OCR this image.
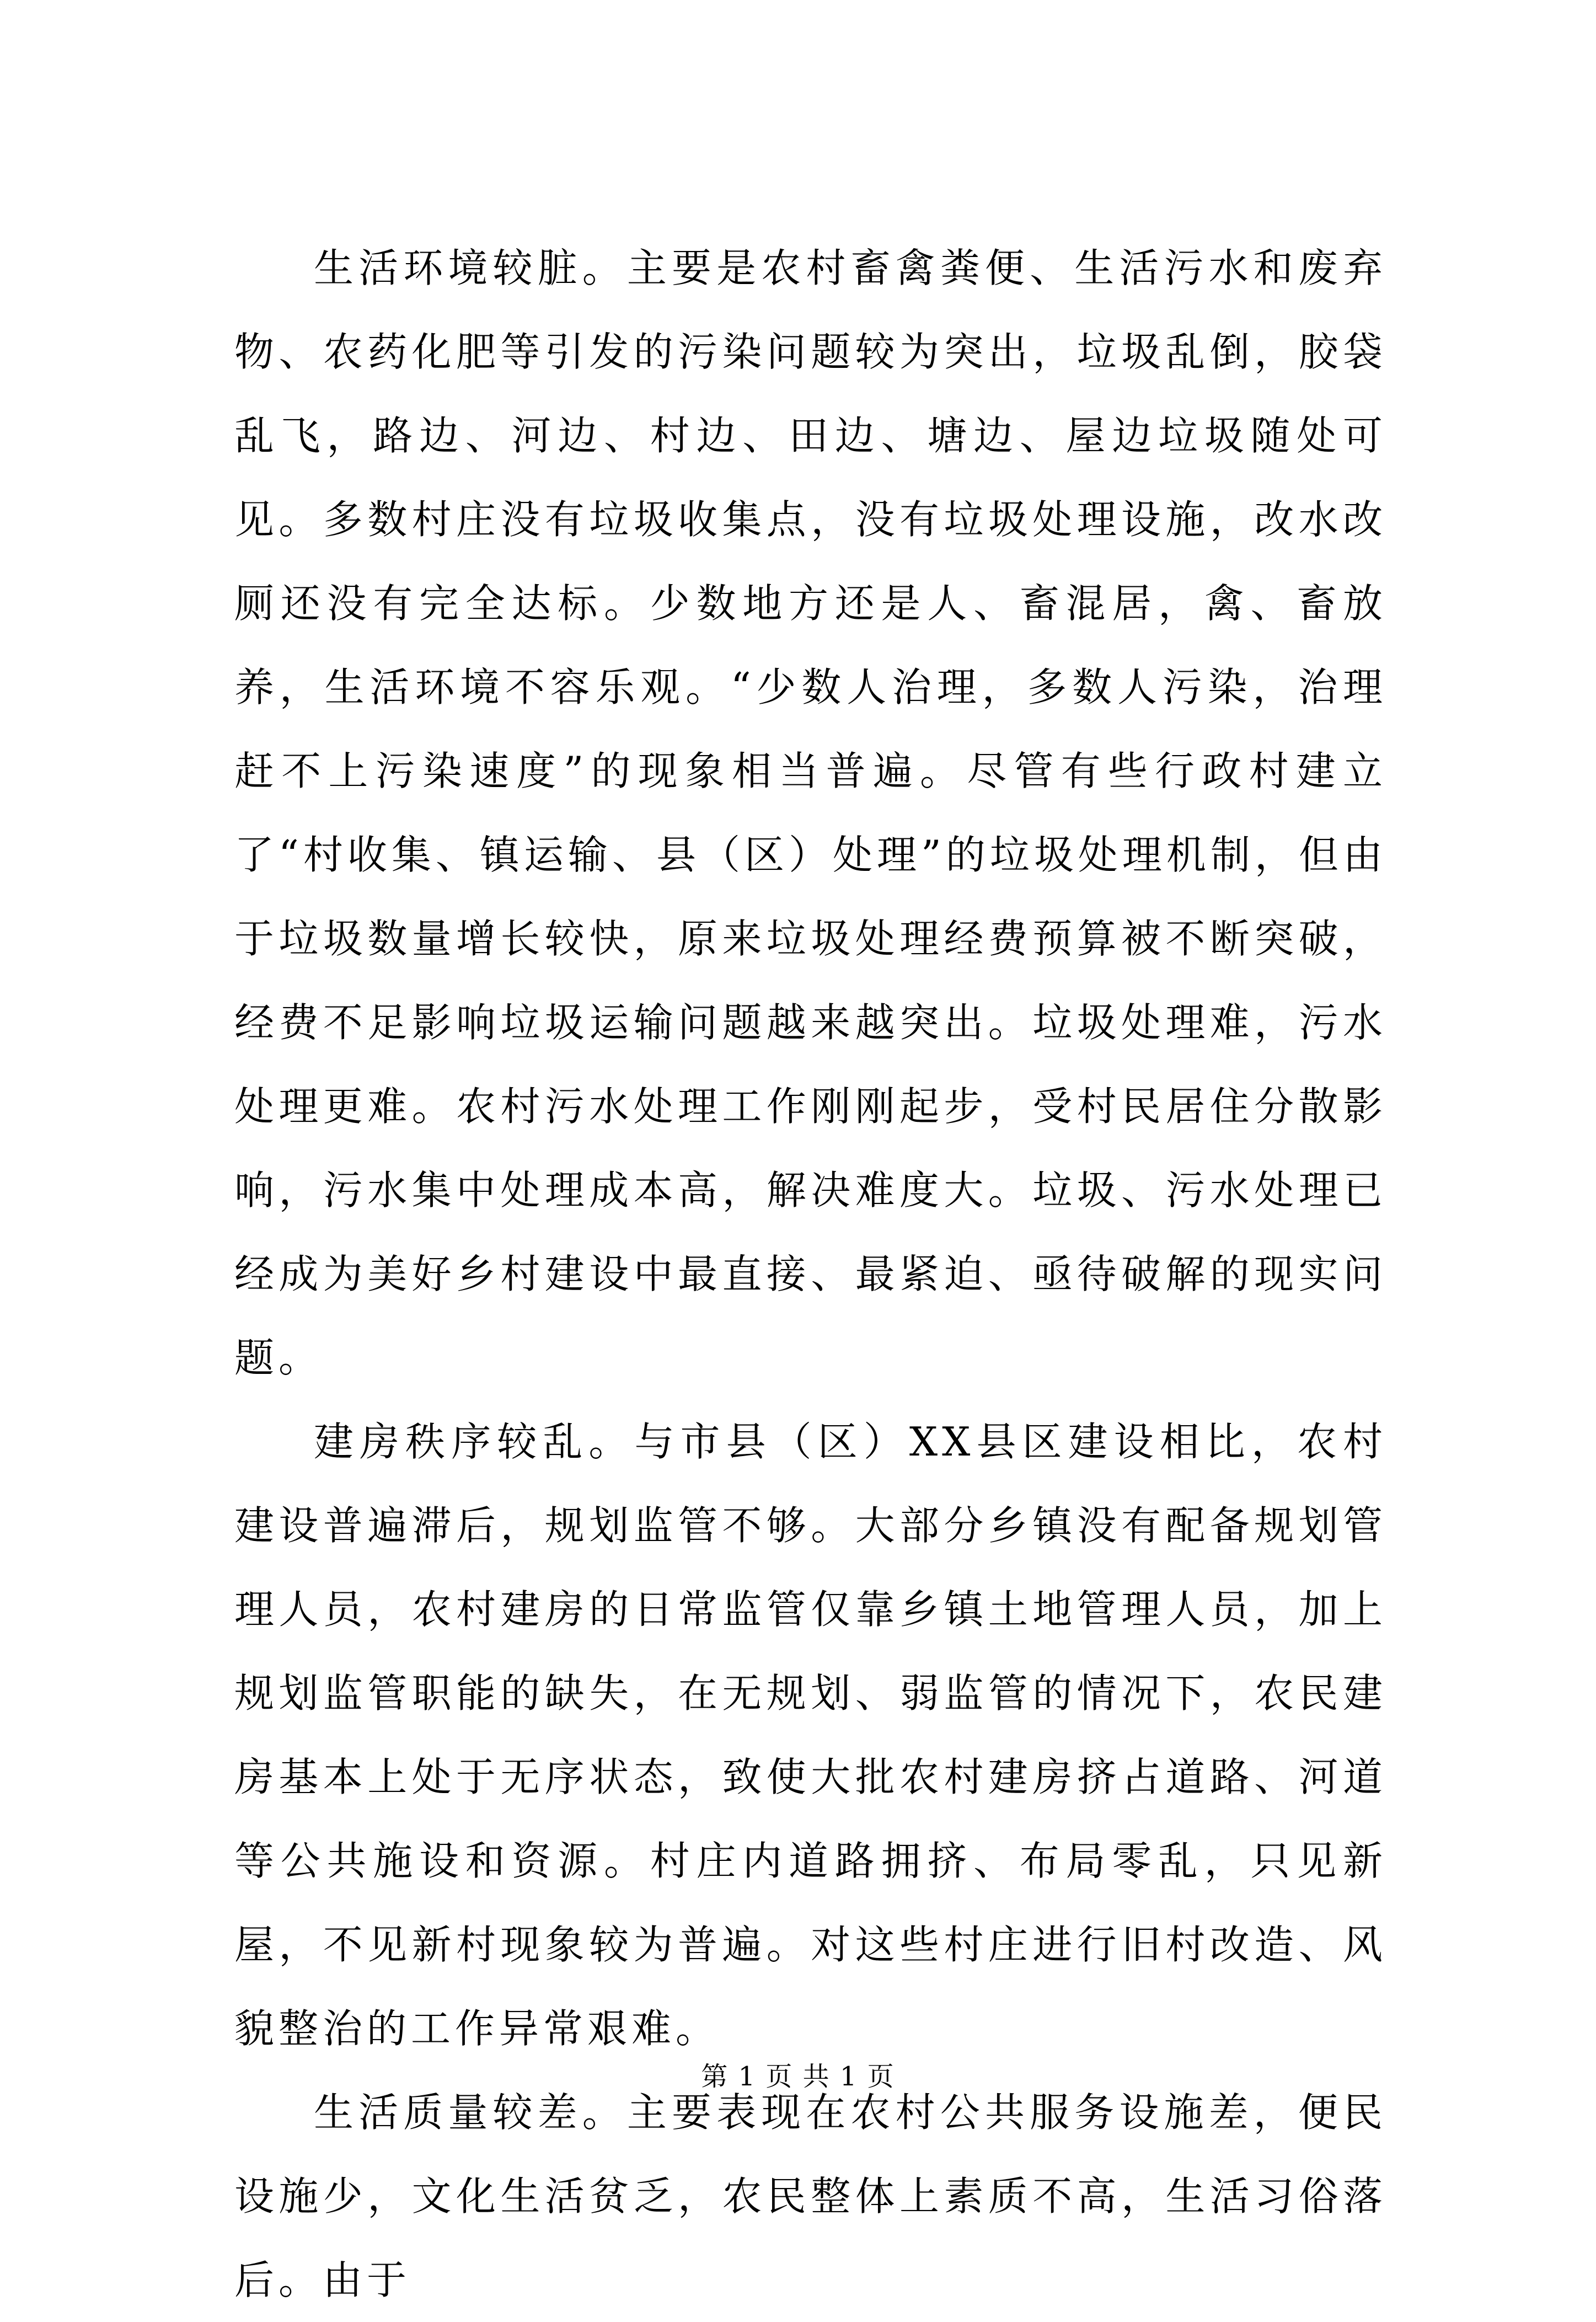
生活环境较脏。主要是农村畜禽粪便、生活污水和废弃物、农药化肥等引发的污染问题较为突出，垃圾乱倒，胶袋乱飞，路边、河边、村边、田边、塘边、屋边垃圾随处可见。多数村庄没有垃圾收集点，没有垃圾处理设施，改水改厕还没有完全达标。少数地方还是人、畜混居，禽、畜放养，生活环境不容乐观。“少数人治理，多数人污染，治理赶不上污染速度”的现象相当普遍。尽管有些行政村建立了“村收集、镇运输、县（区）处理”的垃圾处理机制，但由于垃圾数量增长较快，原来垃圾处理经费预算被不断突破，经费不足影响垃圾运输问题越来越突出。垃圾处理难，污水处理更难。农村污水处理工作刚刚起步，受村民居住分散影响，污水集中处理成本高，解决难度大。垃圾、污水处理已经成为美好乡村建设中最直接、最紧迫、亟待破解的现实问题。

建房秩序较乱。与市县（区）XX县区建设相比，农村建设普遍滞后，规划监管不够。大部分乡镇没有配备规划管理人员，农村建房的日常监管仅靠乡镇土地管理人员，加上规划监管职能的缺失，在无规划、弱监管的情况下，农民建房基本上处于无序状态，致使大批农村建房挤占道路、河道等公共施设和资源。村庄内道路拥挤、布局零乱，只见新屋，不见新村现象较为普遍。对这些村庄进行旧村改造、风貌整治的工作异常艰难。

生活质量较差。主要表现在农村公共服务设施差，便民设施少，文化生活贫乏，农民整体上素质不高，生活习俗落后。由于

第 1 页 共 1 页
